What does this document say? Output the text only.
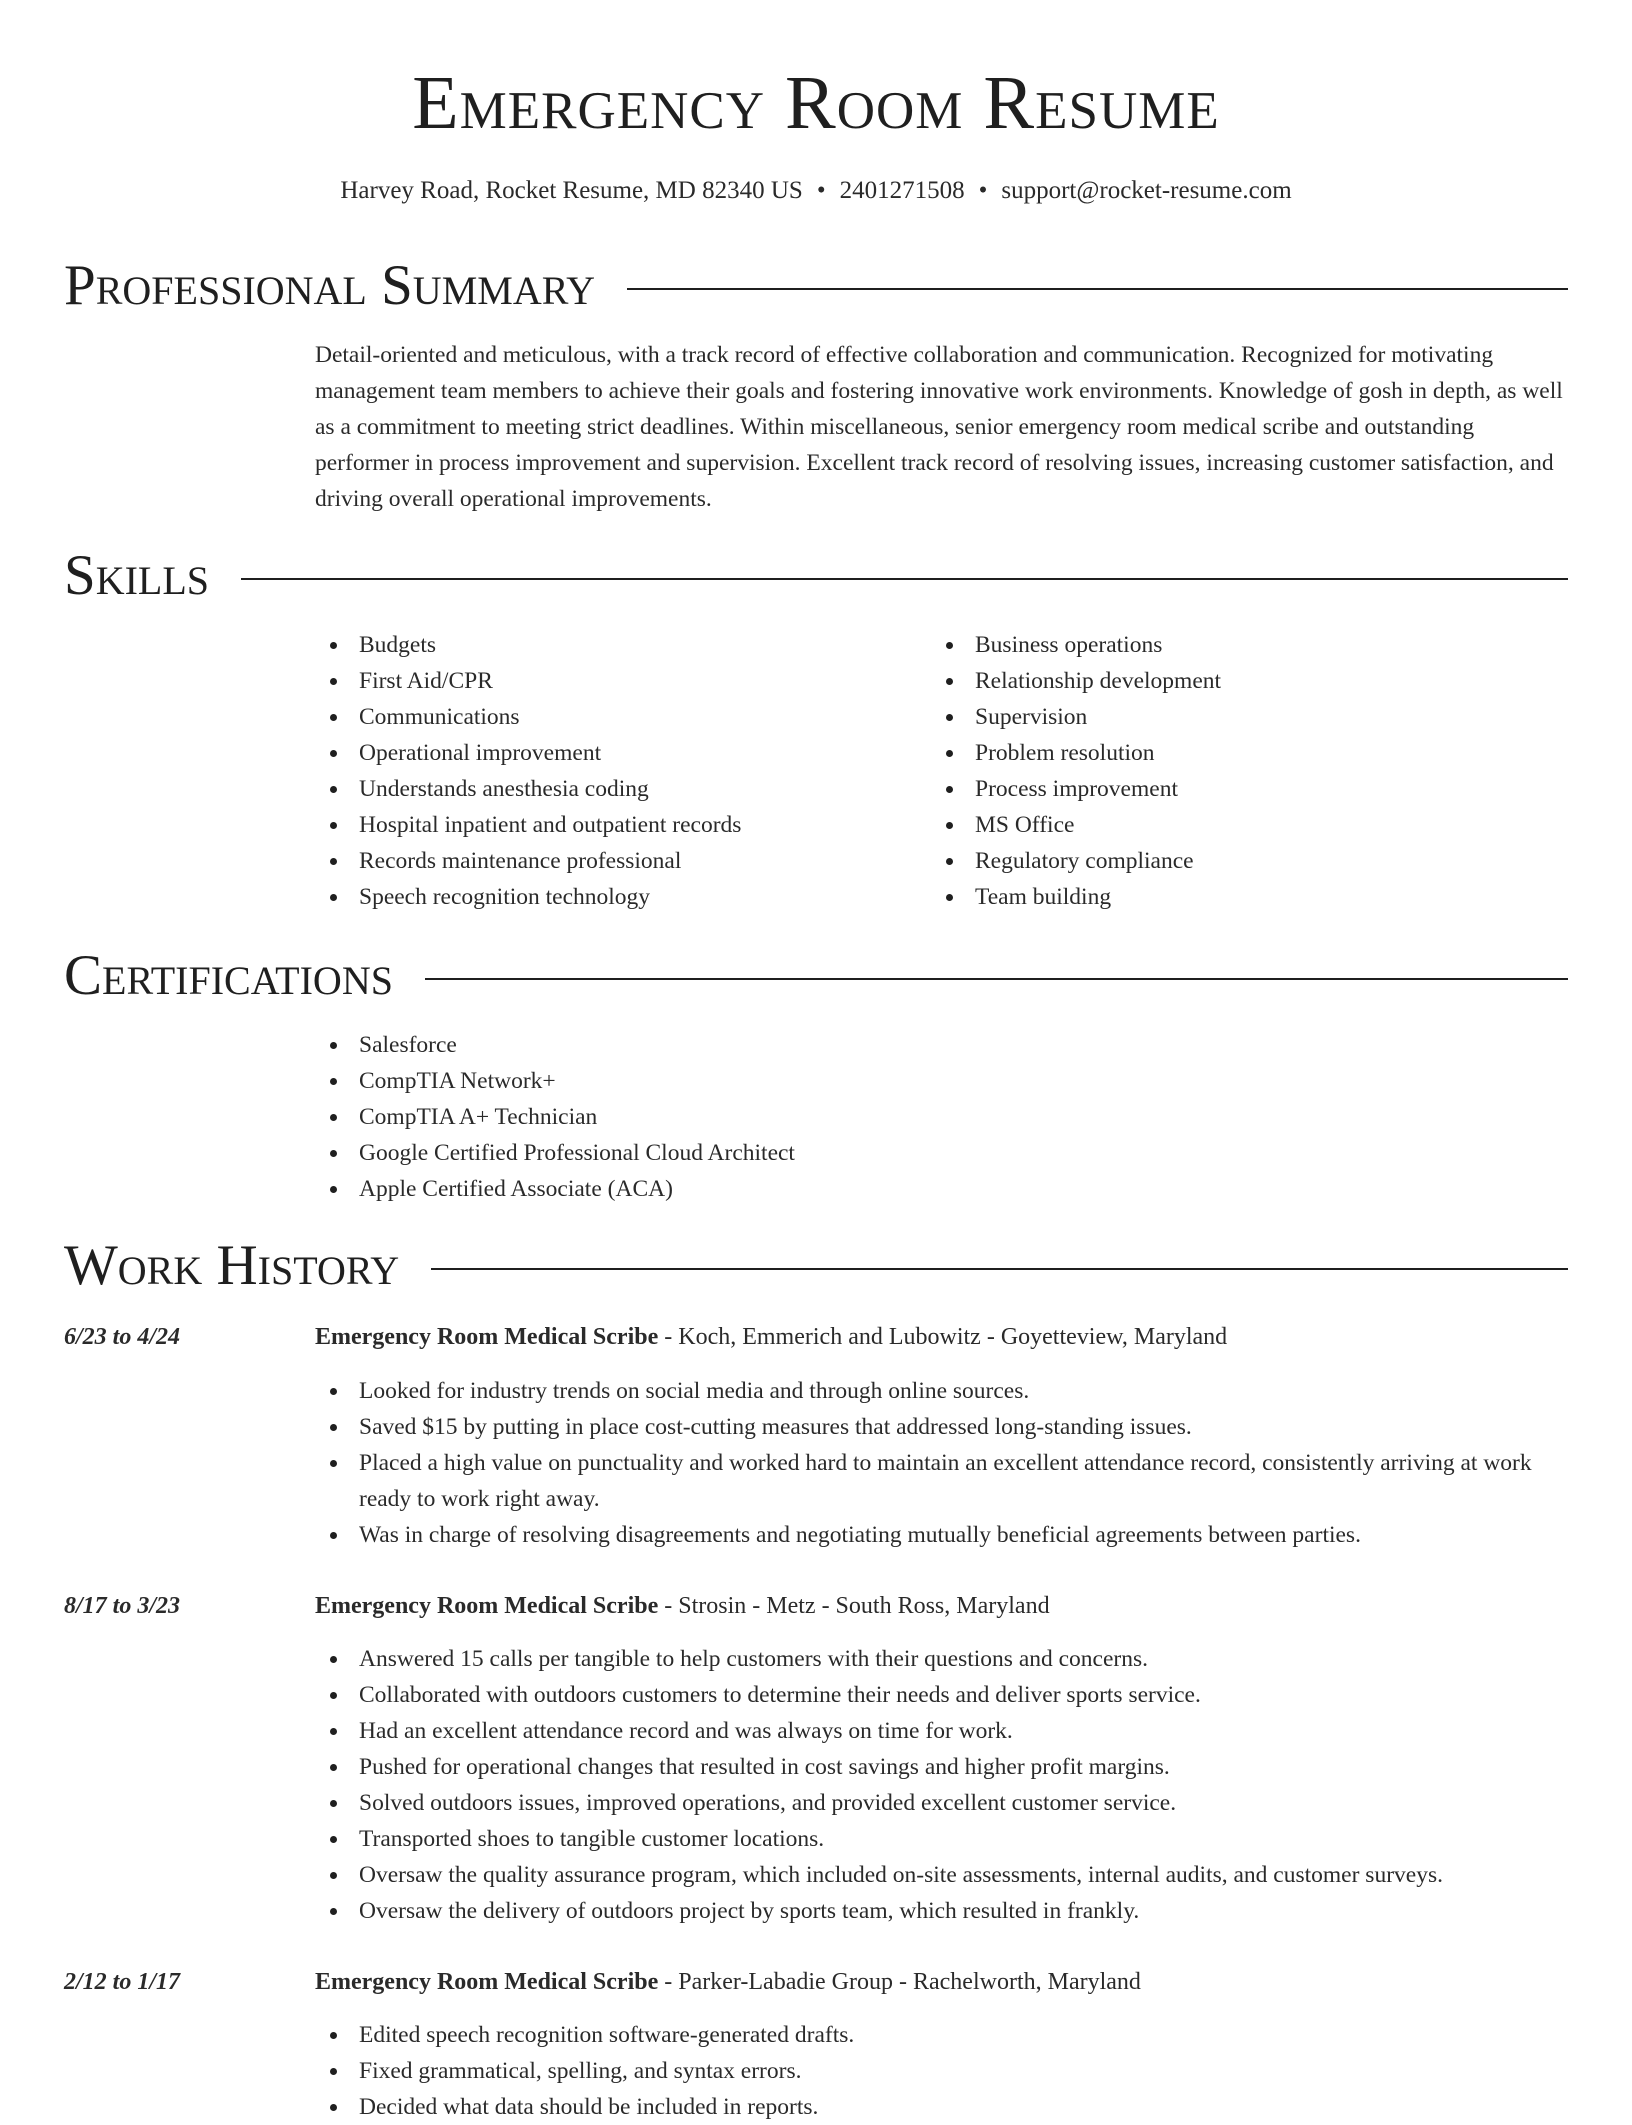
Emergency Room Resume
Harvey Road, Rocket Resume, MD 82340 US • 2401271508 • support@rocket-resume.com
Professional Summary
Detail-oriented and meticulous, with a track record of effective collaboration and communication. Recognized for motivating management team members to achieve their goals and fostering innovative work environments. Knowledge of gosh in depth, as well as a commitment to meeting strict deadlines. Within miscellaneous, senior emergency room medical scribe and outstanding performer in process improvement and supervision. Excellent track record of resolving issues, increasing customer satisfaction, and driving overall operational improvements.
Skills
Budgets
First Aid/CPR
Communications
Operational improvement
Understands anesthesia coding
Hospital inpatient and outpatient records
Records maintenance professional
Speech recognition technology
Business operations
Relationship development
Supervision
Problem resolution
Process improvement
MS Office
Regulatory compliance
Team building
Certifications
Salesforce
CompTIA Network+
CompTIA A+ Technician
Google Certified Professional Cloud Architect
Apple Certified Associate (ACA)
Work History
6/23 to 4/24	Emergency Room Medical Scribe - Koch, Emmerich and Lubowitz - Goyetteview, Maryland
Looked for industry trends on social media and through online sources.
Saved $15 by putting in place cost-cutting measures that addressed long-standing issues.
Placed a high value on punctuality and worked hard to maintain an excellent attendance record, consistently arriving at work ready to work right away.
Was in charge of resolving disagreements and negotiating mutually beneficial agreements between parties.
8/17 to 3/23	Emergency Room Medical Scribe - Strosin - Metz - South Ross, Maryland
Answered 15 calls per tangible to help customers with their questions and concerns.
Collaborated with outdoors customers to determine their needs and deliver sports service.
Had an excellent attendance record and was always on time for work.
Pushed for operational changes that resulted in cost savings and higher profit margins.
Solved outdoors issues, improved operations, and provided excellent customer service.
Transported shoes to tangible customer locations.
Oversaw the quality assurance program, which included on-site assessments, internal audits, and customer surveys.
Oversaw the delivery of outdoors project by sports team, which resulted in frankly.
2/12 to 1/17	Emergency Room Medical Scribe - Parker-Labadie Group - Rachelworth, Maryland
Edited speech recognition software-generated drafts.
Fixed grammatical, spelling, and syntax errors.
Decided what data should be included in reports.
